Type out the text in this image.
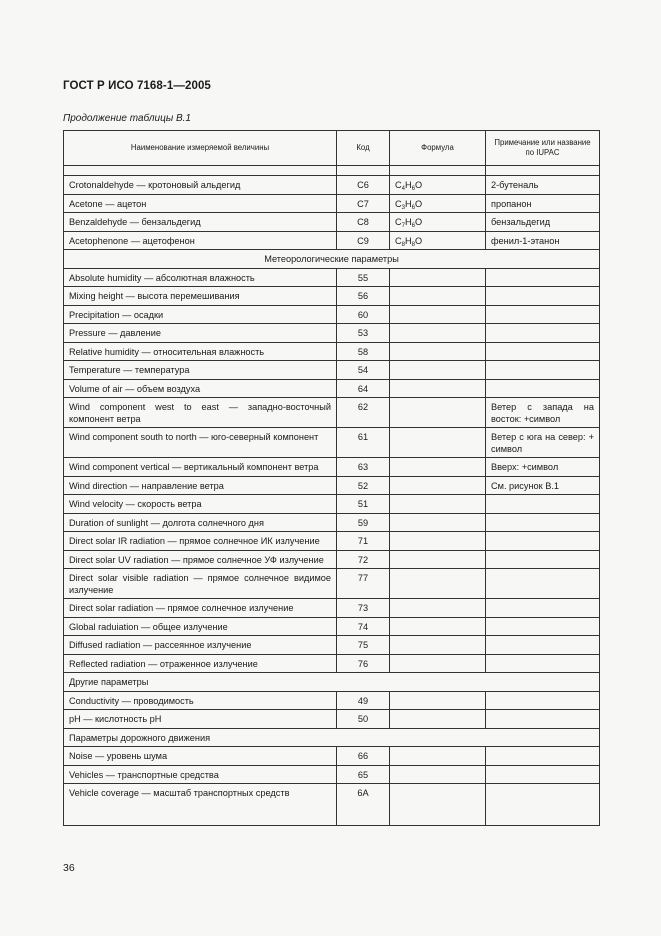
ГОСТ Р ИСО 7168-1—2005
Продолжение таблицы В.1
Наименование измеряемой величины	Код	Формула	Примечание или название по IUPAC

Crotonaldehyde — кротоновый альдегид	C6	$C_4H_6O$	2-бутеналь
Acetone — ацетон	C7	$C_3H_6O$	пропанон
Benzaldehyde — бензальдегид	C8	$C_7H_6O$	бензальдегид
Acetophenone — ацетофенон	C9	$C_8H_8O$	фенил-1-этанон
Метеорологические параметры			
Absolute humidity — абсолютная влажность	55		
Mixing height — высота перемешивания	56		
Precipitation — осадки	60		
Pressure — давление	53		
Relative humidity — относительная влажность	58		
Temperature — температура	54		
Volume of air — объем воздуха	64		
Wind component west to east — западно-восточный компонент ветра	62		Ветер с запада на восток: +символ
Wind component south to north — юго-северный компонент	61		Ветер с юга на север: + символ
Wind component vertical — вертикальный компонент ветра	63		Вверх: +символ
Wind direction — направление ветра	52		См. рисунок В.1
Wind velocity — скорость ветра	51		
Duration of sunlight — долгота солнечного дня	59		
Direct solar IR radiation — прямое солнечное ИК излучение	71		
Direct solar UV radiation — прямое солнечное УФ излучение	72		
Direct solar visible radiation — прямое солнечное видимое излучение	77		
Direct solar radiation — прямое солнечное излучение	73		
Global raduiation — общее излучение	74		
Diffused radiation — рассеянное излучение	75		
Reflected radiation — отраженное излучение	76		
Другие параметры			
Conductivity — проводимость	49		
pH — кислотность pH	50		
Параметры дорожного движения			
Noise — уровень шума	66		
Vehicles — транспортные средства	65		
Vehicle coverage — масштаб транспортных средств	6A		
36
